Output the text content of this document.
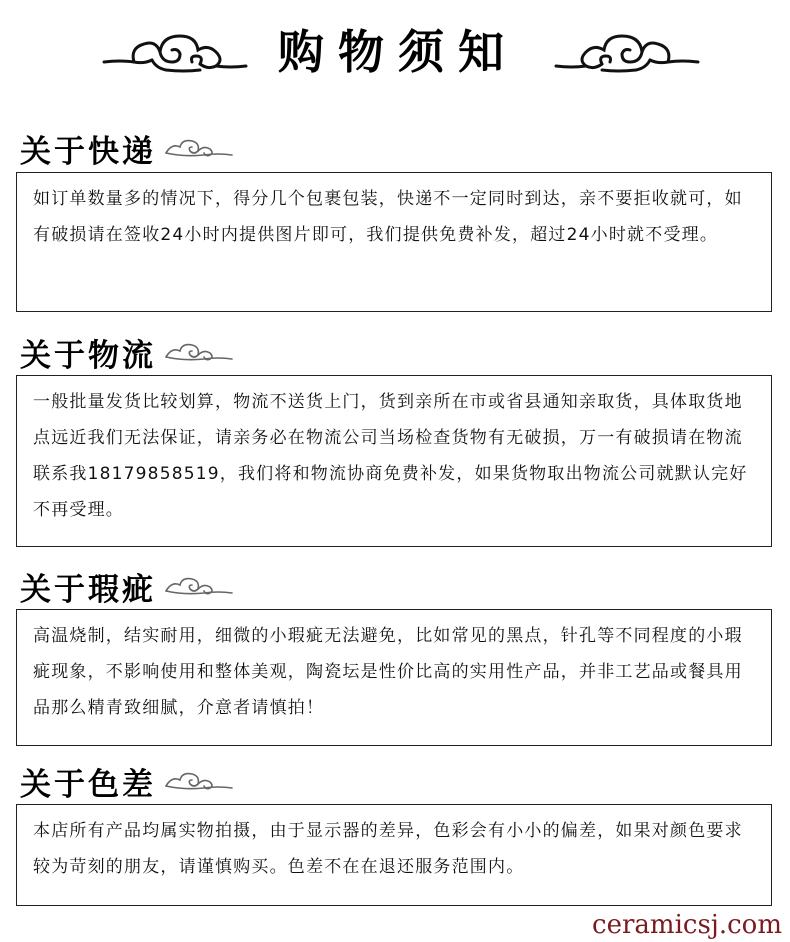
购物须知
关于快递

如订单数量多的情况下，得分几个包裹包装，快递不一定同时到达，亲不要拒收就可，如有破损请在签收24小时内提供图片即可，我们提供免费补发，超过24小时就不受理。

关于物流

一般批量发货比较划算，物流不送货上门，货到亲所在市或省县通知亲取货，具体取货地点远近我们无法保证，请亲务必在物流公司当场检查货物有无破损，万一有破损请在物流联系我18179858519，我们将和物流协商免费补发，如果货物取出物流公司就默认完好不再受理。

关于瑕疵

高温烧制，结实耐用，细微的小瑕疵无法避免，比如常见的黑点，针孔等不同程度的小瑕疵现象，不影响使用和整体美观，陶瓷坛是性价比高的实用性产品，并非工艺品或餐具用品那么精青致细腻，介意者请慎拍！

关于色差

本店所有产品均属实物拍摄，由于显示器的差异，色彩会有小小的偏差，如果对颜色要求较为苛刻的朋友，请谨慎购买。色差不在在退还服务范围内。

ceramicsj.com
